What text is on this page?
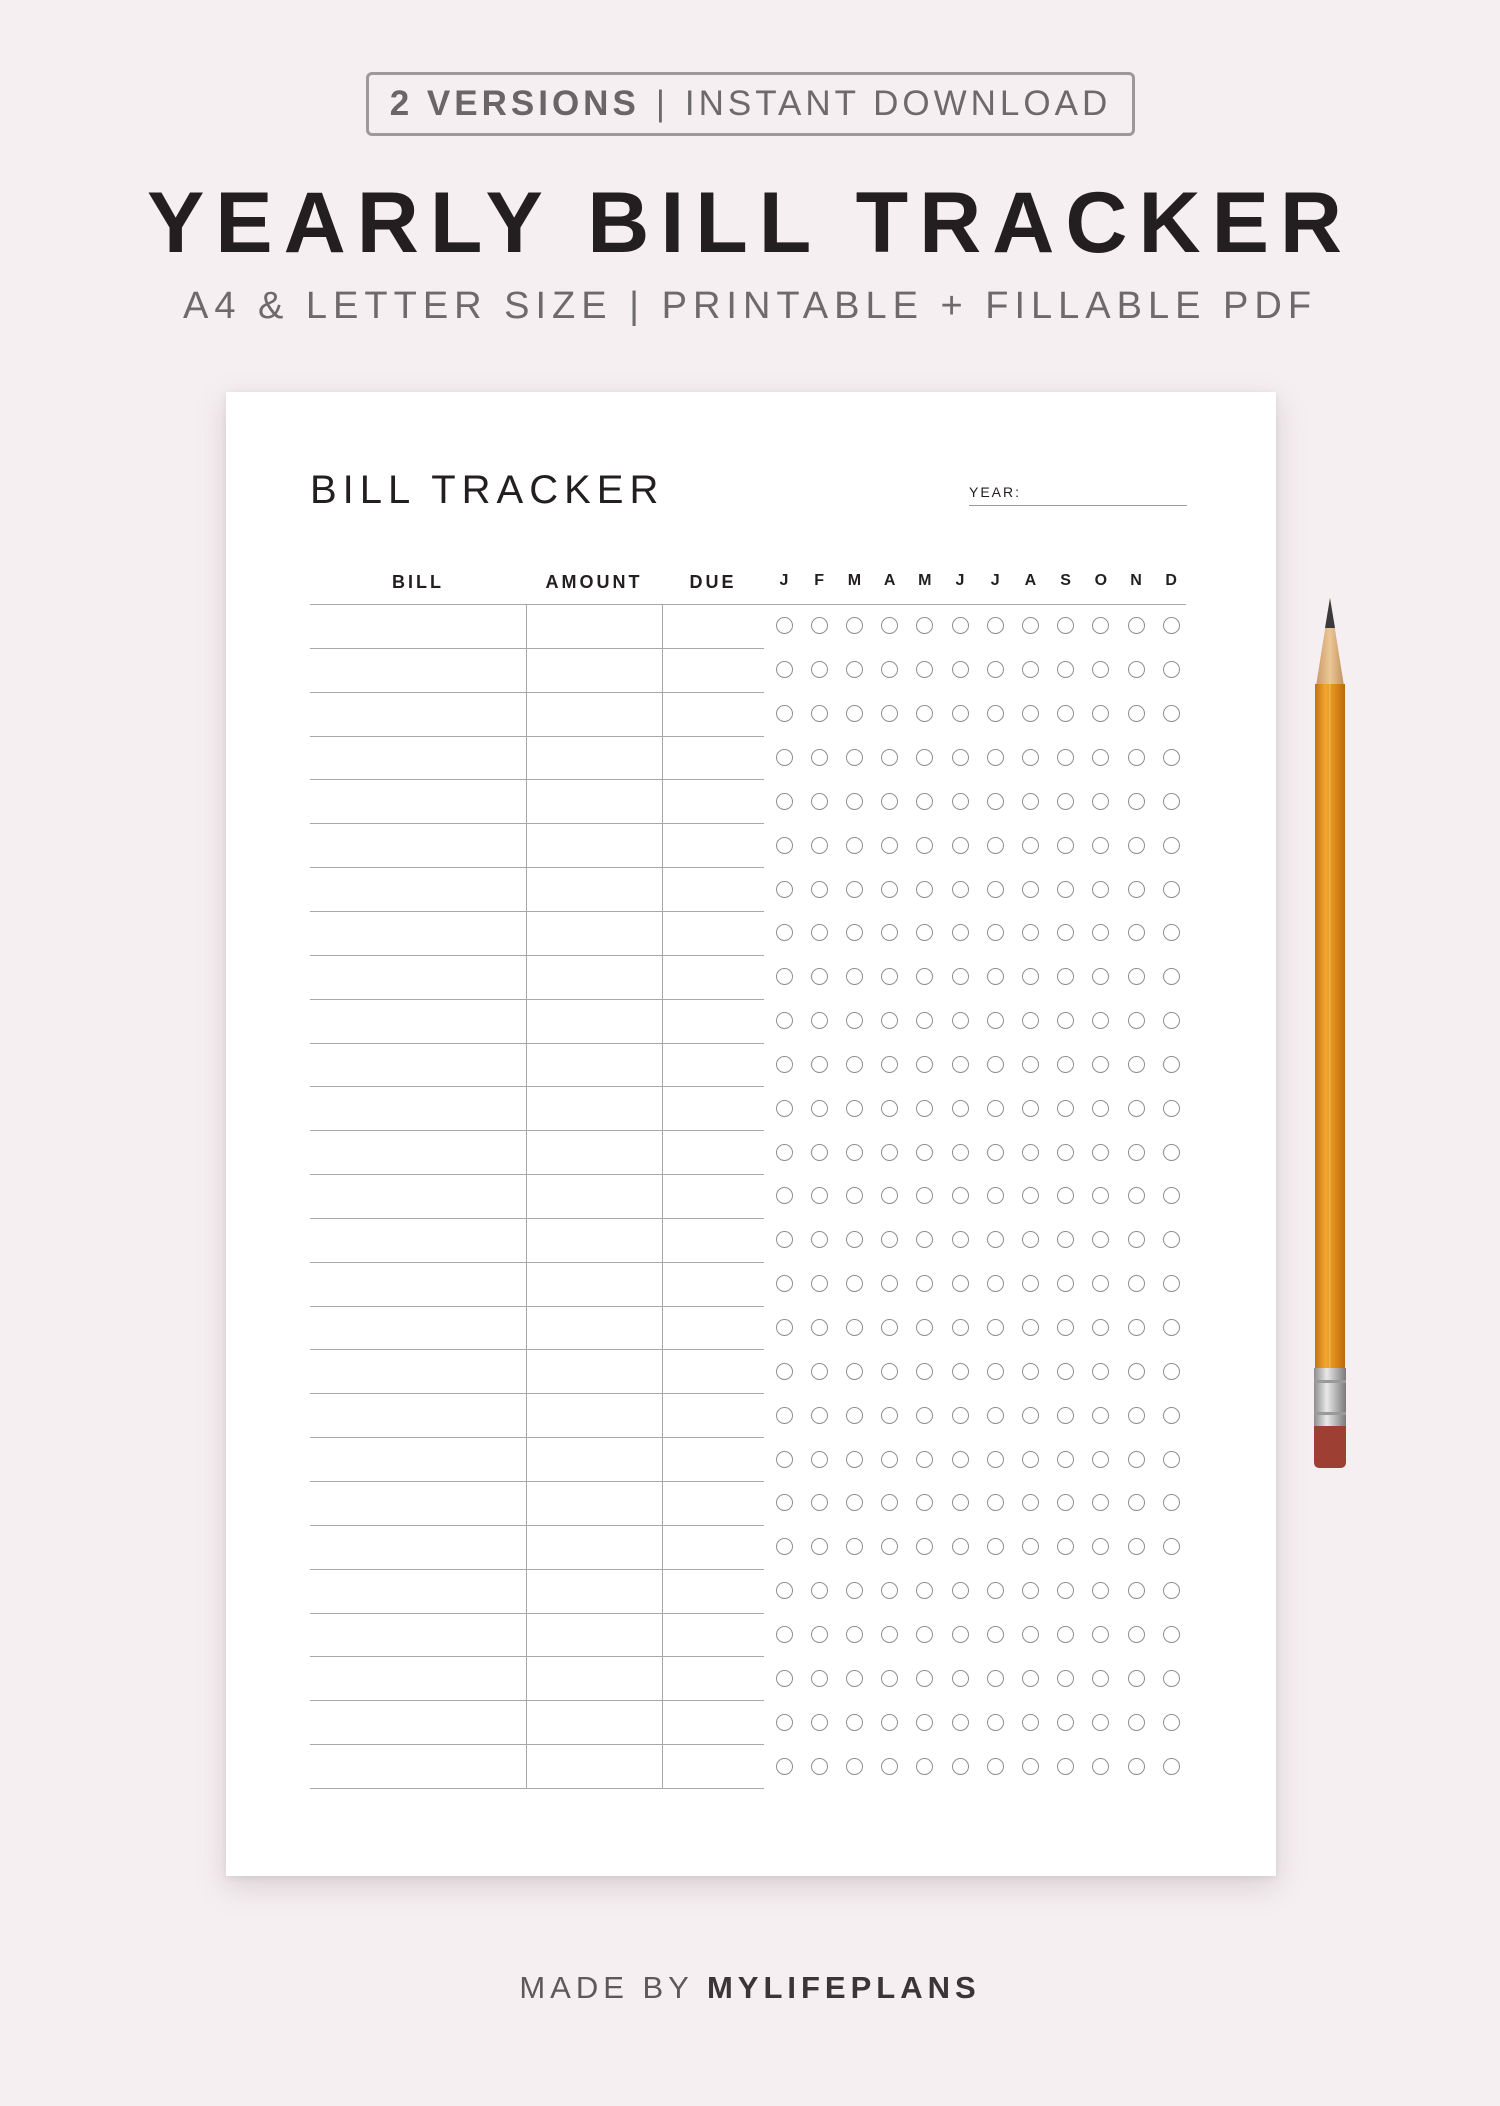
2 VERSIONS | INSTANT DOWNLOAD
YEARLY BILL TRACKER
A4 & LETTER SIZE | PRINTABLE + FILLABLE PDF
BILL TRACKER	YEAR:
BILL	AMOUNT	DUE	J	F	M	A	M	J	J	A	S	O	N	D
MADE BY MYLIFEPLANS
